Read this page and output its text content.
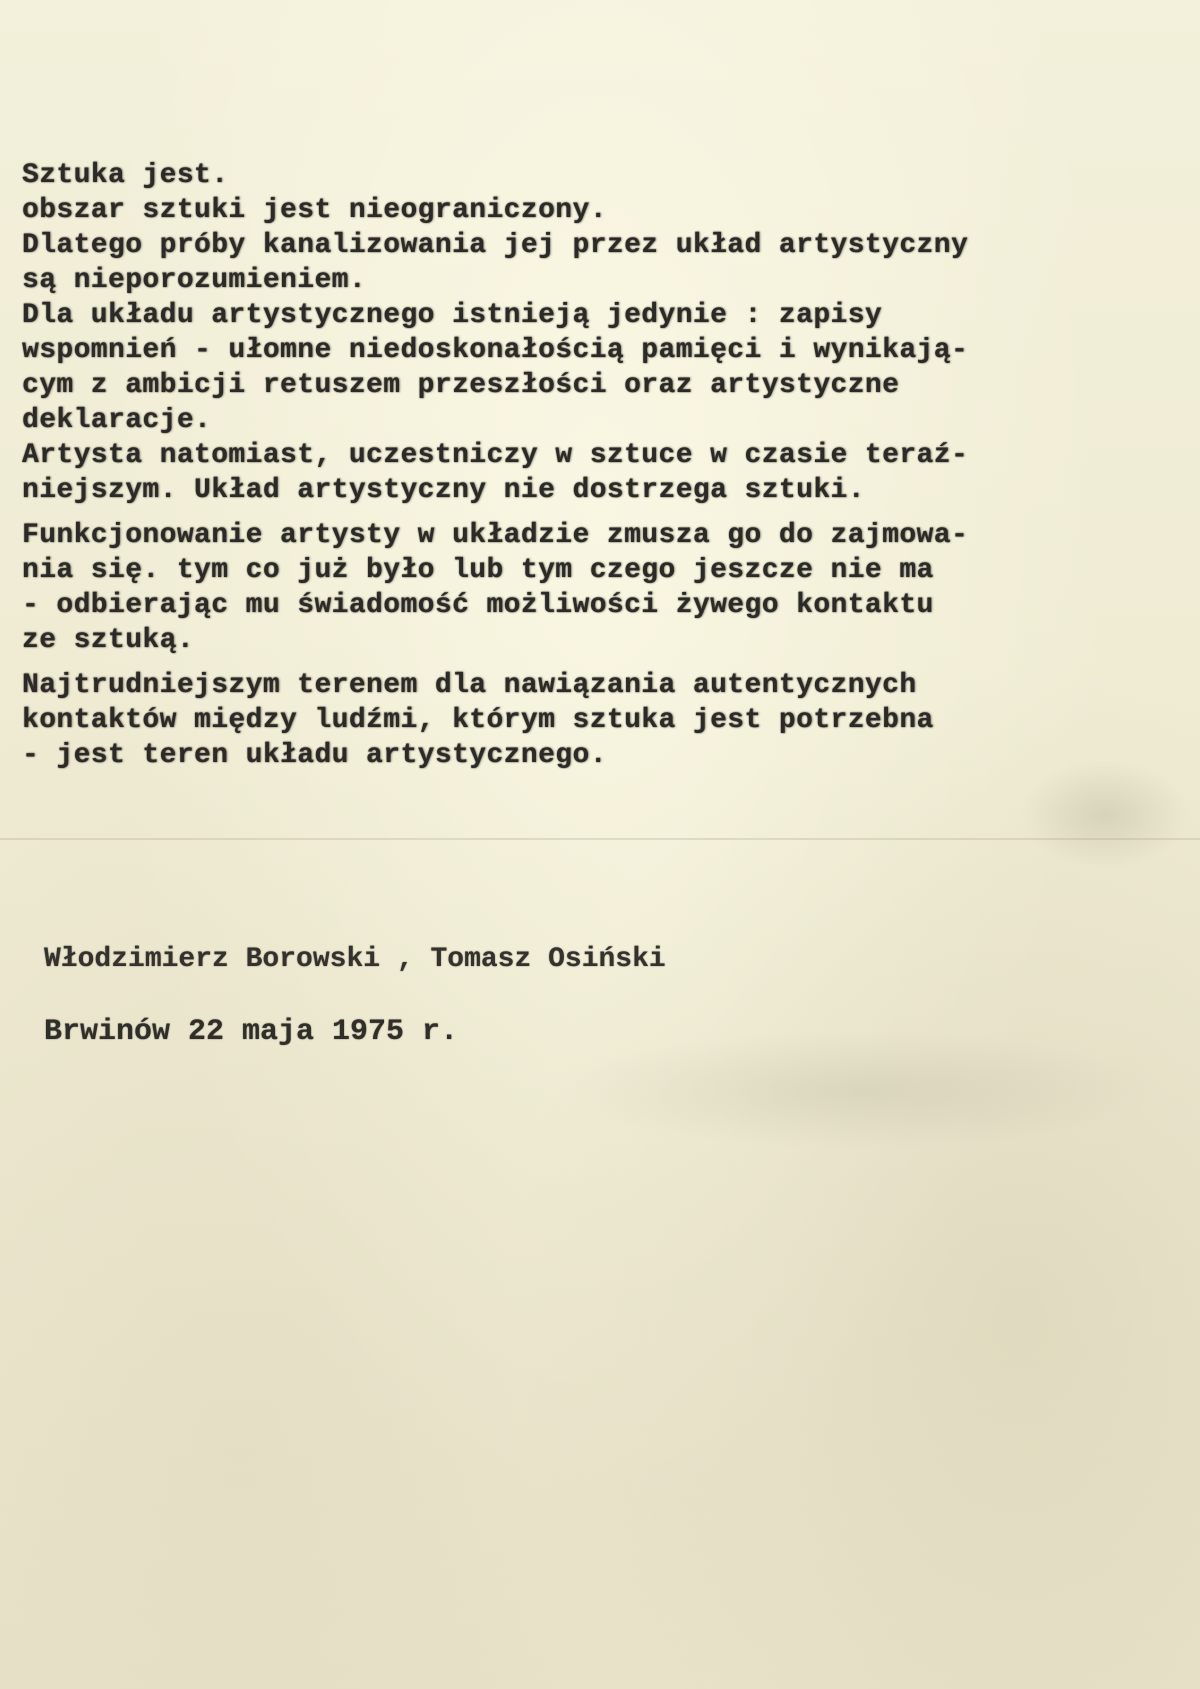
Sztuka jest.
obszar sztuki jest nieograniczony.
Dlatego próby kanalizowania jej przez układ artystyczny
są nieporozumieniem.
Dla układu artystycznego istnieją jedynie : zapisy
wspomnień - ułomne niedoskonałością pamięci i wynikają-
cym z ambicji retuszem przeszłości oraz artystyczne
deklaracje.
Artysta natomiast, uczestniczy w sztuce w czasie teraź-
niejszym. Układ artystyczny nie dostrzega sztuki.
Funkcjonowanie artysty w układzie zmusza go do zajmowa-
nia się. tym co już było lub tym czego jeszcze nie ma
- odbierając mu świadomość możliwości żywego kontaktu
ze sztuką.
Najtrudniejszym terenem dla nawiązania autentycznych
kontaktów między ludźmi, którym sztuka jest potrzebna
- jest teren układu artystycznego.
Włodzimierz Borowski , Tomasz Osiński
Brwinów 22 maja 1975 r.
